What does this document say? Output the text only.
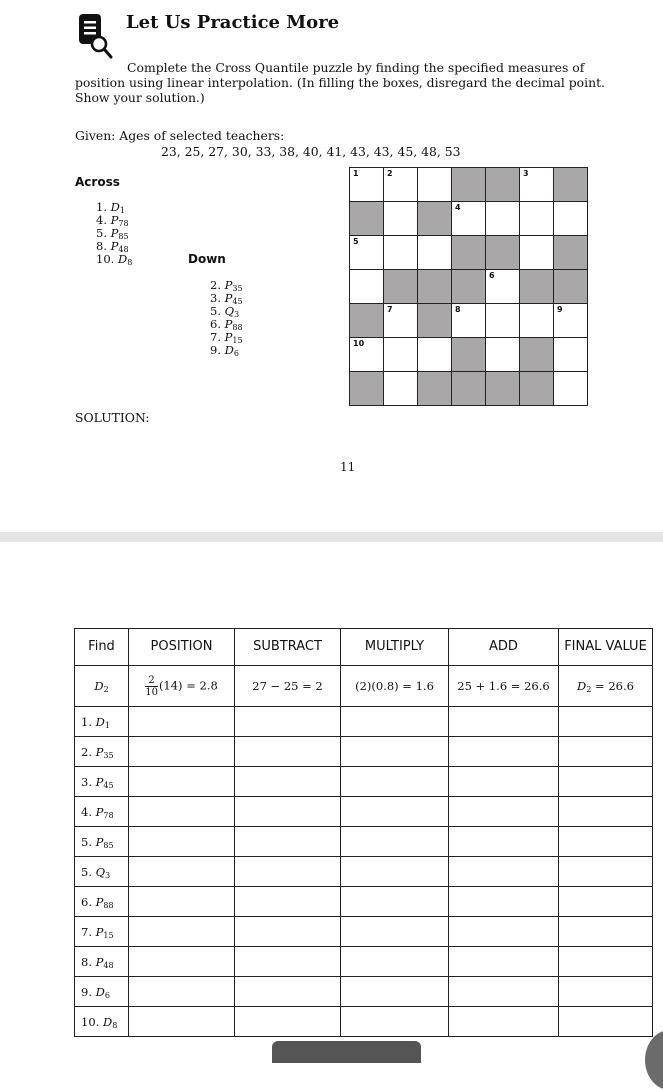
Let Us Practice More

Complete the Cross Quantile puzzle by finding the specified measures of position using linear interpolation. (In filling the boxes, disregard the decimal point. Show your solution.)

Given: Ages of selected teachers:
23, 25, 27, 30, 33, 38, 40, 41, 43, 43, 45, 48, 53
Across
1. $D_1$
4. $P_{78}$
5. $P_{85}$
8. $P_{48}$
10. $D_8$	Down
2. $P_{35}$
3. $P_{45}$
5. $Q_3$
6. $P_{88}$
7. $P_{15}$
9. $D_6$
1	2				3	

			4			

5						

				6		

	7		8			9

10						

SOLUTION:
11
Find	POSITION	SUBTRACT	MULTIPLY	ADD	FINAL VALUE
$D_2$	$\frac{2}{10} (14) = 2.8$	27 − 25 = 2	(2)(0.8) = 1.6	25 + 1.6 = 26.6	$D_2 = 26.6$
1. $D_1$					
2. $P_{35}$					
3. $P_{45}$					
4. $P_{78}$					
5. $P_{85}$					
5. $Q_3$					
6. $P_{88}$					
7. $P_{15}$					
8. $P_{48}$					
9. $D_6$					
10. $D_8$					
